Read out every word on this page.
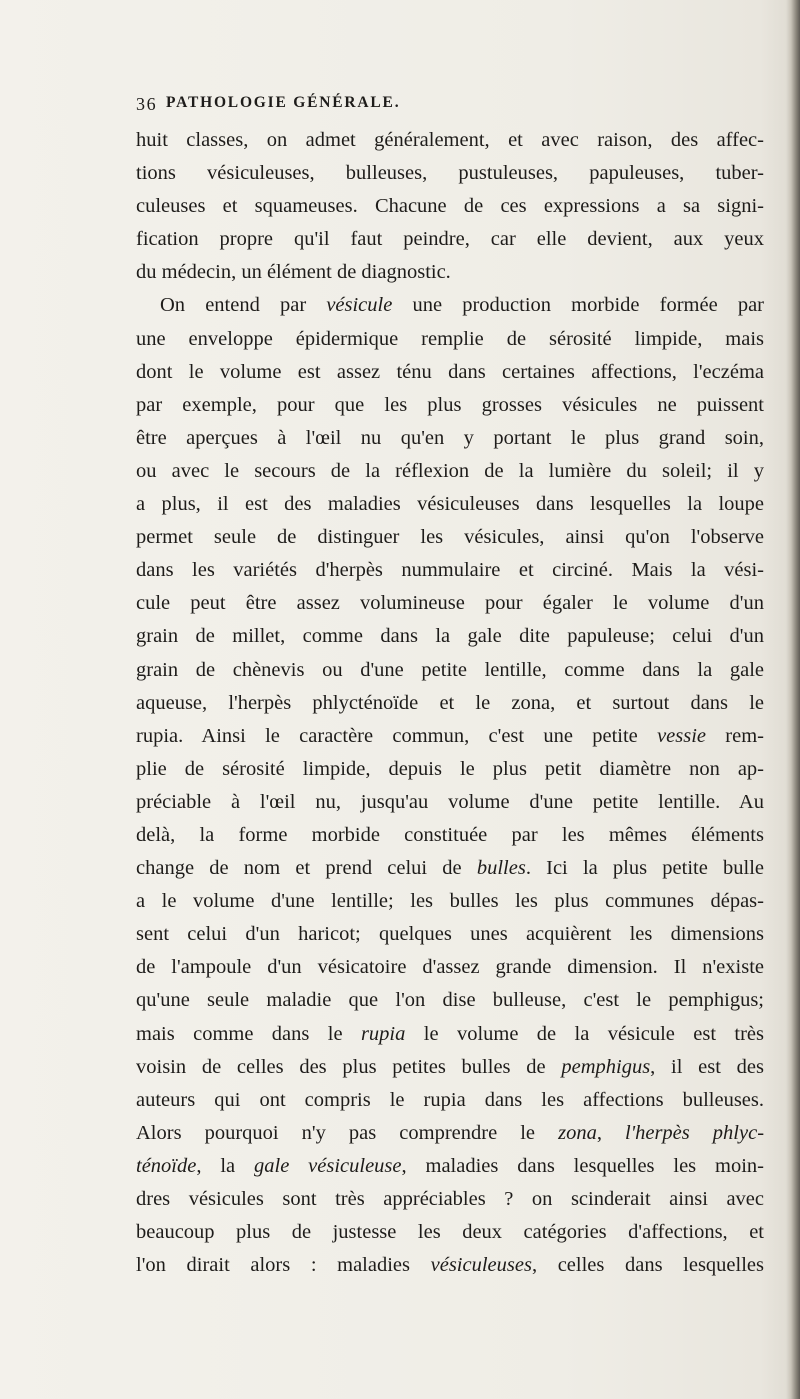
36 PATHOLOGIE GÉNÉRALE.
huit classes, on admet généralement, et avec raison, des affec-
tions vésiculeuses, bulleuses, pustuleuses, papuleuses, tuber-
culeuses et squameuses. Chacune de ces expressions a sa signi-
fication propre qu'il faut peindre, car elle devient, aux yeux
du médecin, un élément de diagnostic.
On entend par vésicule une production morbide formée par
une enveloppe épidermique remplie de sérosité limpide, mais
dont le volume est assez ténu dans certaines affections, l'eczéma
par exemple, pour que les plus grosses vésicules ne puissent
être aperçues à l'œil nu qu'en y portant le plus grand soin,
ou avec le secours de la réflexion de la lumière du soleil; il y
a plus, il est des maladies vésiculeuses dans lesquelles la loupe
permet seule de distinguer les vésicules, ainsi qu'on l'observe
dans les variétés d'herpès nummulaire et circiné. Mais la vési-
cule peut être assez volumineuse pour égaler le volume d'un
grain de millet, comme dans la gale dite papuleuse; celui d'un
grain de chènevis ou d'une petite lentille, comme dans la gale
aqueuse, l'herpès phlycténoïde et le zona, et surtout dans le
rupia. Ainsi le caractère commun, c'est une petite vessie rem-
plie de sérosité limpide, depuis le plus petit diamètre non ap-
préciable à l'œil nu, jusqu'au volume d'une petite lentille. Au
delà, la forme morbide constituée par les mêmes éléments
change de nom et prend celui de bulles. Ici la plus petite bulle
a le volume d'une lentille; les bulles les plus communes dépas-
sent celui d'un haricot; quelques unes acquièrent les dimensions
de l'ampoule d'un vésicatoire d'assez grande dimension. Il n'existe
qu'une seule maladie que l'on dise bulleuse, c'est le pemphigus;
mais comme dans le rupia le volume de la vésicule est très
voisin de celles des plus petites bulles de pemphigus, il est des
auteurs qui ont compris le rupia dans les affections bulleuses.
Alors pourquoi n'y pas comprendre le zona, l'herpès phlyc-
ténoïde, la gale vésiculeuse, maladies dans lesquelles les moin-
dres vésicules sont très appréciables ? on scinderait ainsi avec
beaucoup plus de justesse les deux catégories d'affections, et
l'on dirait alors : maladies vésiculeuses, celles dans lesquelles
